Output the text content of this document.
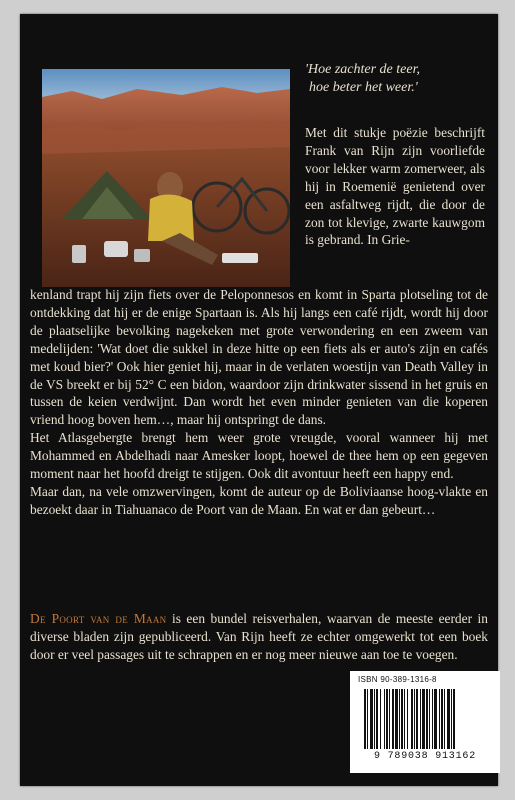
'Hoe zachter de teer,
hoe beter het weer.'

Met dit stukje poëzie beschrijft Frank van Rijn zijn voorliefde voor lekker warm zomerweer, als hij in Roemenië genietend over een asfaltweg rijdt, die door de zon tot klevige, zwarte kauwgom is gebrand. In Grie-

kenland trapt hij zijn fiets over de Peloponnesos en komt in Sparta plotseling tot de ontdekking dat hij er de enige Spartaan is. Als hij langs een café rijdt, wordt hij door de plaatselijke bevolking nagekeken met grote verwondering en een zweem van medelijden: 'Wat doet die sukkel in deze hitte op een fiets als er auto's zijn en cafés met koud bier?' Ook hier geniet hij, maar in de verlaten woestijn van Death Valley in de VS breekt er bij 52° C een bidon, waardoor zijn drinkwater sissend in het gruis en tussen de keien verdwijnt. Dan wordt het even minder genieten van die koperen vriend hoog boven hem…, maar hij ontspringt de dans.

Het Atlasgebergte brengt hem weer grote vreugde, vooral wanneer hij met Mohammed en Abdelhadi naar Amesker loopt, hoewel de thee hem op een gegeven moment naar het hoofd dreigt te stijgen. Ook dit avontuur heeft een happy end.

Maar dan, na vele omzwervingen, komt de auteur op de Boliviaanse hoog-vlakte en bezoekt daar in Tiahuanaco de Poort van de Maan. En wat er dan gebeurt…

De Poort van de Maan is een bundel reisverhalen, waarvan de meeste eerder in diverse bladen zijn gepubliceerd. Van Rijn heeft ze echter omgewerkt tot een boek door er veel passages uit te schrappen en er nog meer nieuwe aan toe te voegen.

ISBN 90-389-1316-8
9 789038 913162
